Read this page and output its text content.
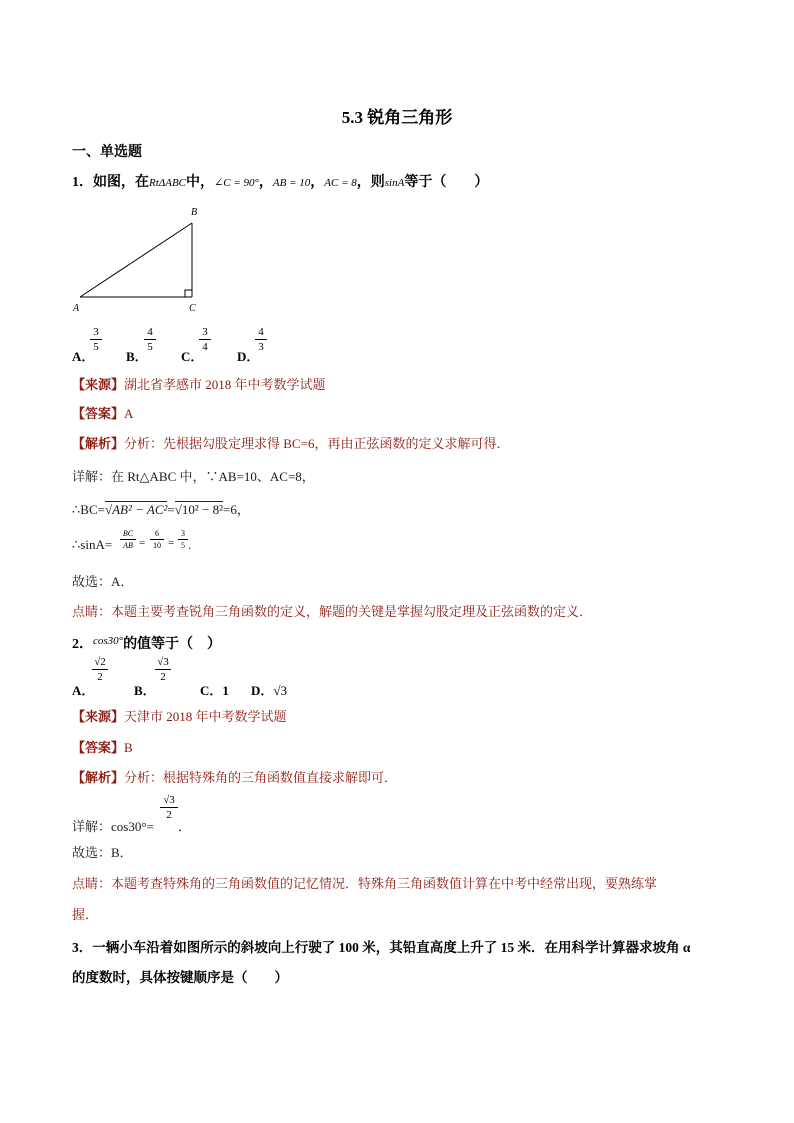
5.3 锐角三角形
一、单选题
1．如图，在RtΔABC中，∠C = 90°，AB = 10，AC = 8，则sinA等于（　　）
A
B
C
A．
3
5
B．
4
5
C．
3
4
D．
4
3
【来源】湖北省孝感市 2018 年中考数学试题
【答案】A
【解析】分析：先根据勾股定理求得 BC=6，再由正弦函数的定义求解可得．
详解：在 Rt△ABC 中，∵AB=10、AC=8，
∴BC=√AB² − AC²=√10² − 8²=6，
∴sinA=
BC
AB =
6
10 =
3
5 .
故选：A．
点睛：本题主要考查锐角三角函数的定义，解题的关键是掌握勾股定理及正弦函数的定义．
2．$^{cos30^\circ}$的值等于（　）
A．
√2
2
B．
√3
2
C．1 D．√3
【来源】天津市 2018 年中考数学试题
【答案】B
【解析】分析：根据特殊角的三角函数值直接求解即可．
详解：cos30°=
√3
2
．
故选：B．
点睛：本题考查特殊角的三角函数值的记忆情况．特殊角三角函数值计算在中考中经常出现，要熟练掌
握．
3．一辆小车沿着如图所示的斜坡向上行驶了 100 米，其铅直高度上升了 15 米．在用科学计算器求坡角 α
的度数时，具体按键顺序是（　　）
